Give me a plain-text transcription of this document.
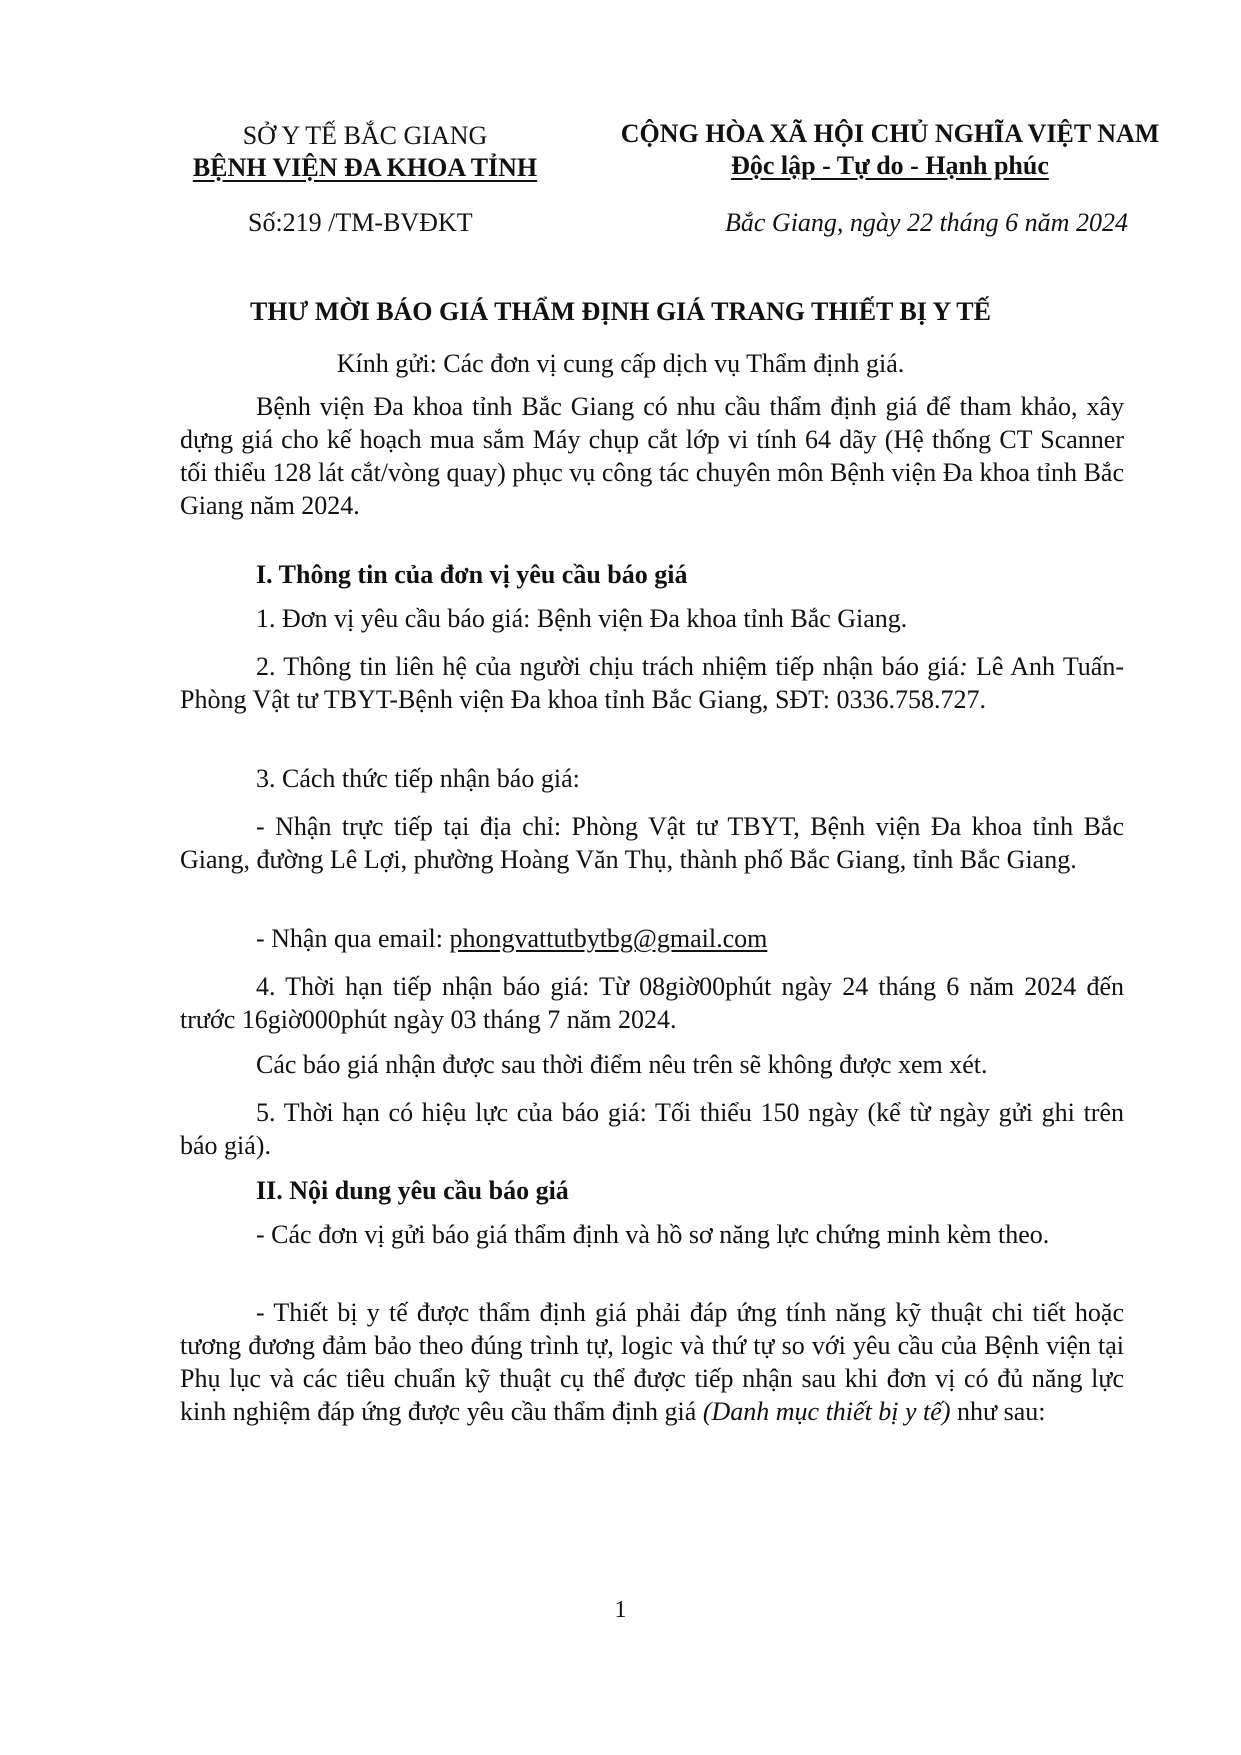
SỞ Y TẾ BẮC GIANG
BỆNH VIỆN ĐA KHOA TỈNH
CỘNG HÒA XÃ HỘI CHỦ NGHĨA VIỆT NAM
Độc lập - Tự do - Hạnh phúc
Số:219 /TM-BVĐKT	Bắc Giang, ngày 22 tháng 6 năm 2024
THƯ MỜI BÁO GIÁ THẨM ĐỊNH GIÁ TRANG THIẾT BỊ Y TẾ
Kính gửi: Các đơn vị cung cấp dịch vụ Thẩm định giá.
Bệnh viện Đa khoa tỉnh Bắc Giang có nhu cầu thẩm định giá để tham khảo, xây dựng giá cho kế hoạch mua sắm Máy chụp cắt lớp vi tính 64 dãy (Hệ thống CT Scanner tối thiểu 128 lát cắt/vòng quay) phục vụ công tác chuyên môn Bệnh viện Đa khoa tỉnh Bắc Giang năm 2024.
I. Thông tin của đơn vị yêu cầu báo giá
1. Đơn vị yêu cầu báo giá: Bệnh viện Đa khoa tỉnh Bắc Giang.
2. Thông tin liên hệ của người chịu trách nhiệm tiếp nhận báo giá: Lê Anh Tuấn-Phòng Vật tư TBYT-Bệnh viện Đa khoa tỉnh Bắc Giang, SĐT: 0336.758.727.
3. Cách thức tiếp nhận báo giá:
- Nhận trực tiếp tại địa chỉ: Phòng Vật tư TBYT, Bệnh viện Đa khoa tỉnh Bắc Giang, đường Lê Lợi, phường Hoàng Văn Thụ, thành phố Bắc Giang, tỉnh Bắc Giang.
- Nhận qua email: phongvattutbytbg@gmail.com
4. Thời hạn tiếp nhận báo giá: Từ 08giờ00phút ngày 24 tháng 6 năm 2024 đến trước 16giờ000phút ngày 03 tháng 7 năm 2024.
Các báo giá nhận được sau thời điểm nêu trên sẽ không được xem xét.
5. Thời hạn có hiệu lực của báo giá: Tối thiểu 150 ngày (kể từ ngày gửi ghi trên báo giá).
II. Nội dung yêu cầu báo giá
- Các đơn vị gửi báo giá thẩm định và hồ sơ năng lực chứng minh kèm theo.
- Thiết bị y tế được thẩm định giá phải đáp ứng tính năng kỹ thuật chi tiết hoặc tương đương đảm bảo theo đúng trình tự, logic và thứ tự so với yêu cầu của Bệnh viện tại Phụ lục và các tiêu chuẩn kỹ thuật cụ thể được tiếp nhận sau khi đơn vị có đủ năng lực kinh nghiệm đáp ứng được yêu cầu thẩm định giá (Danh mục thiết bị y tế) như sau:
1
